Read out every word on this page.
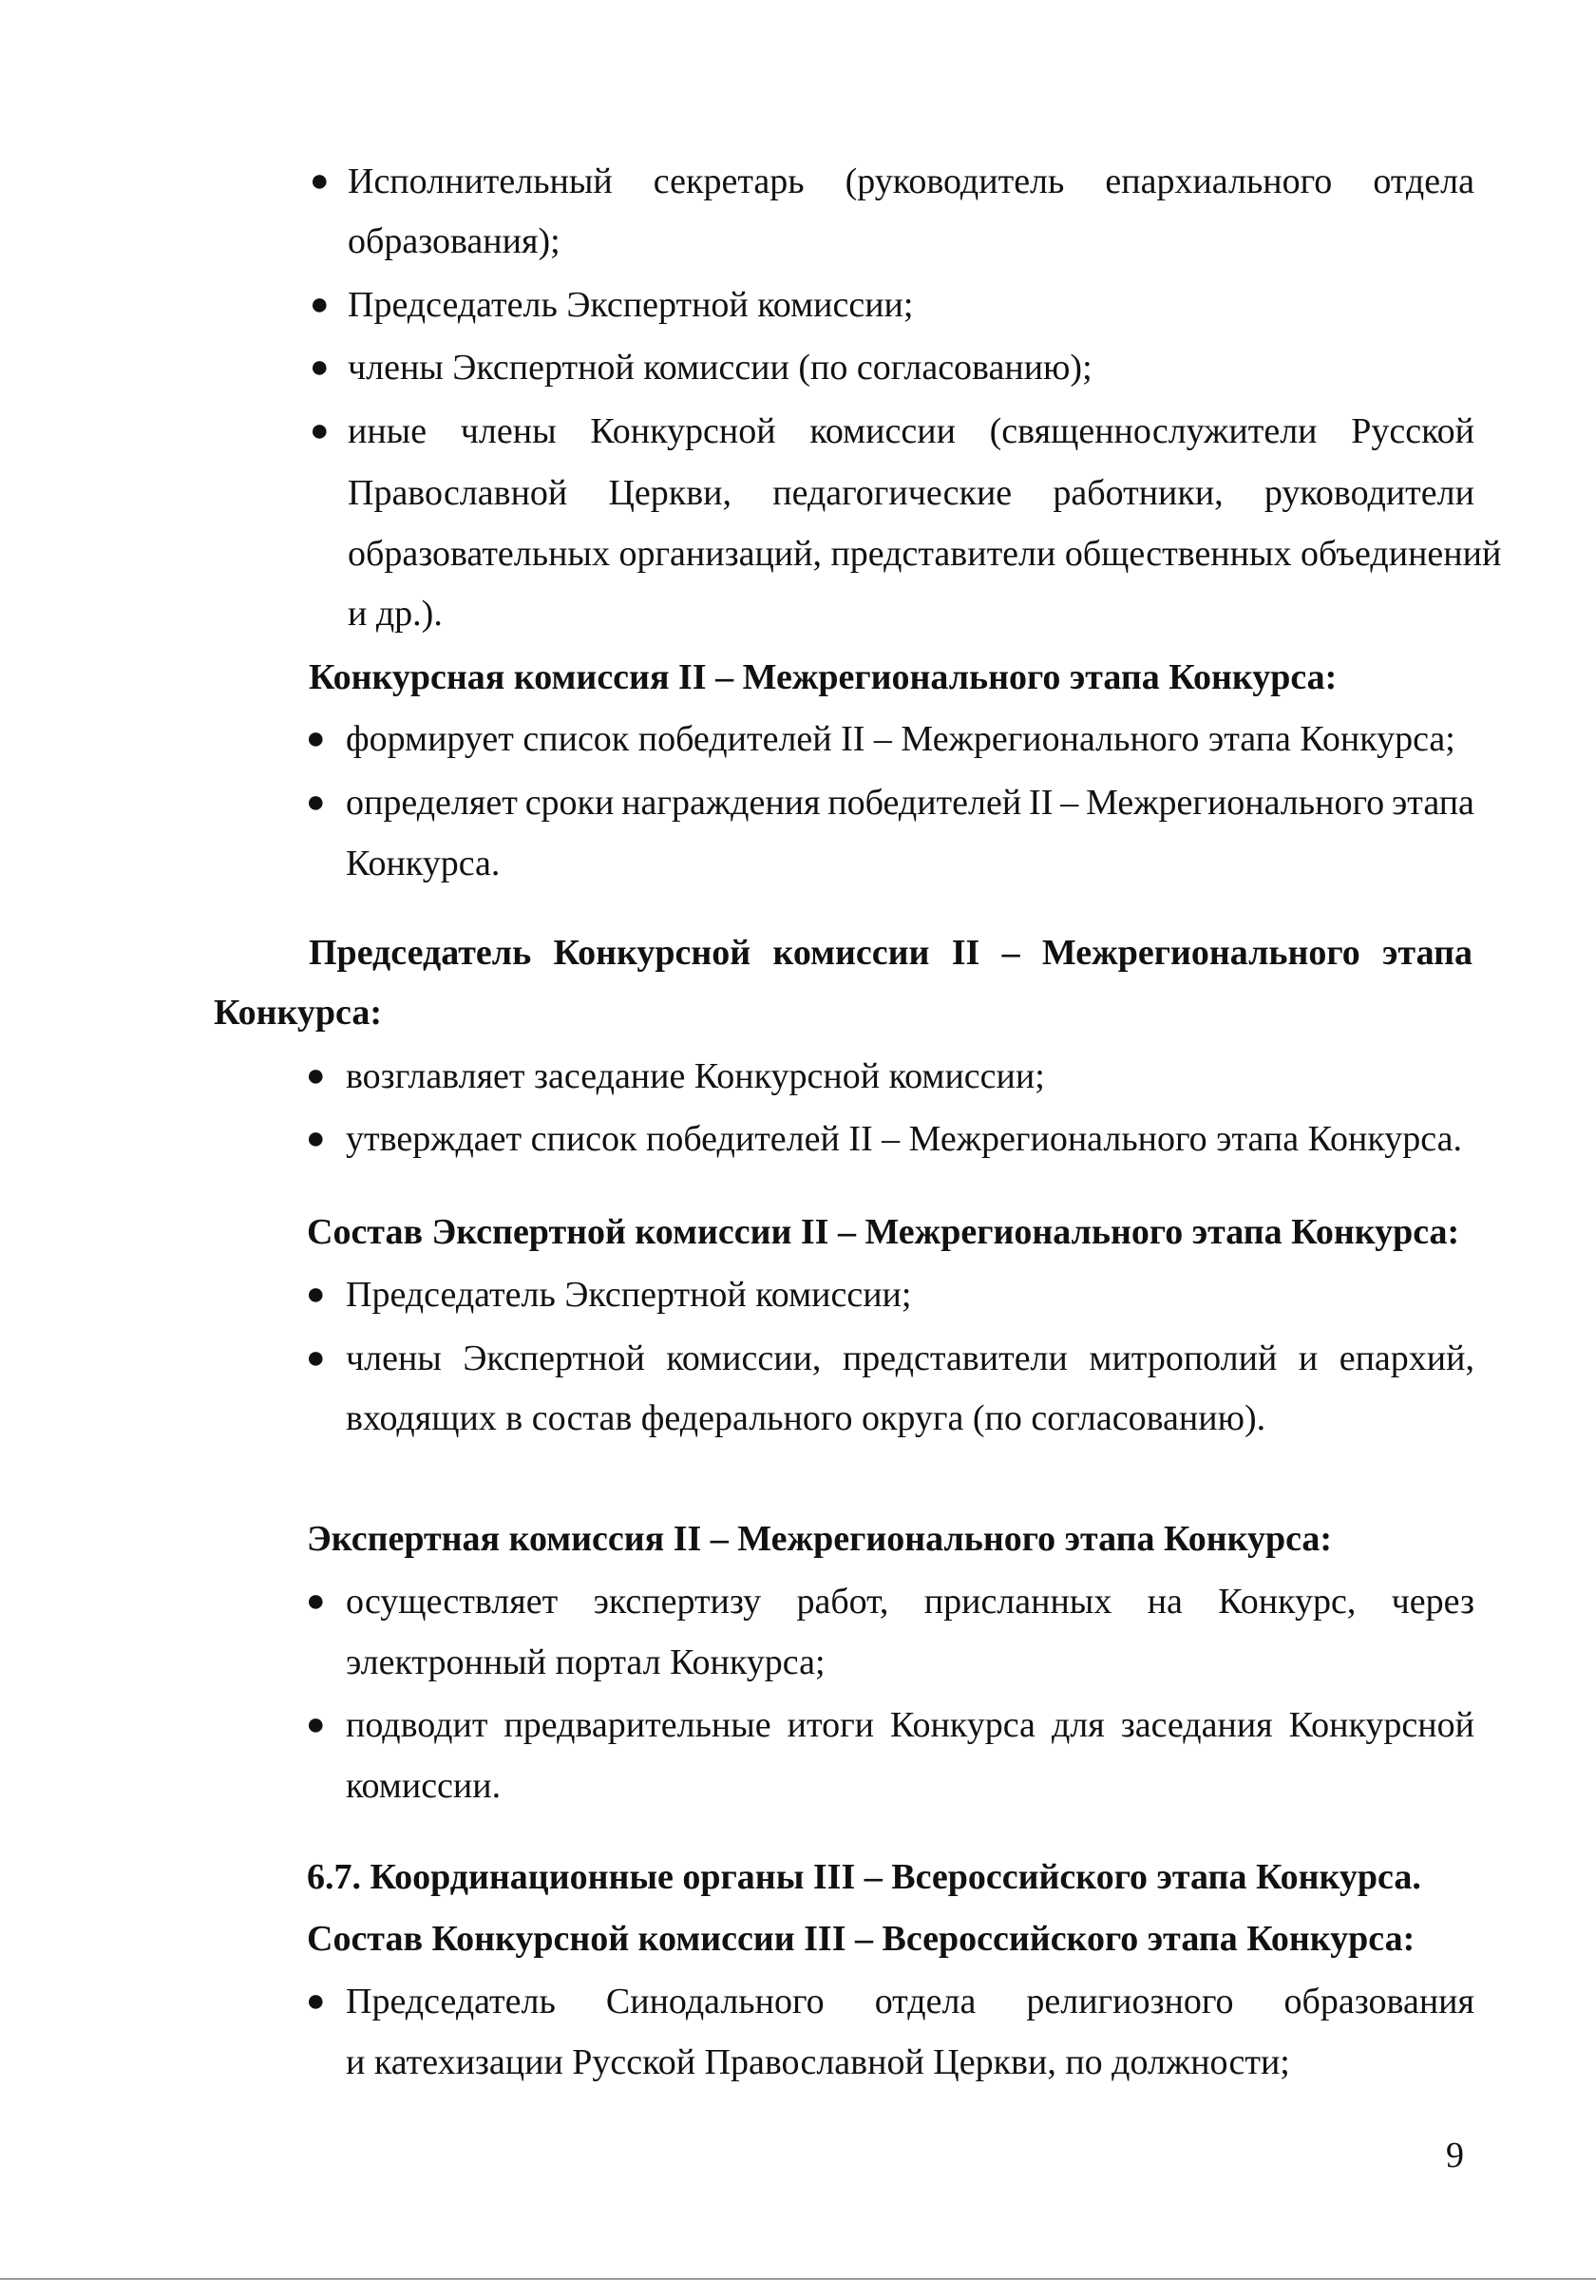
● Исполнительный секретарь (руководитель епархиального отдела
образования);
● Председатель Экспертной комиссии;
● члены Экспертной комиссии (по согласованию);
● иные члены Конкурсной комиссии (священнослужители Русской
Православной Церкви, педагогические работники, руководители
образовательных организаций, представители общественных объединений
и др.).
Конкурсная комиссия II – Межрегионального этапа Конкурса:
● формирует список победителей II – Межрегионального этапа Конкурса;
● определяет сроки награждения победителей II – Межрегионального этапа
Конкурса.
Председатель Конкурсной комиссии II – Межрегионального этапа
Конкурса:
● возглавляет заседание Конкурсной комиссии;
● утверждает список победителей II – Межрегионального этапа Конкурса.
Состав Экспертной комиссии II – Межрегионального этапа Конкурса:
● Председатель Экспертной комиссии;
● члены Экспертной комиссии, представители митрополий и епархий,
входящих в состав федерального округа (по согласованию).
Экспертная комиссия II – Межрегионального этапа Конкурса:
● осуществляет экспертизу работ, присланных на Конкурс, через
электронный портал Конкурса;
● подводит предварительные итоги Конкурса для заседания Конкурсной
комиссии.
6.7. Координационные органы III – Всероссийского этапа Конкурса.
Состав Конкурсной комиссии III – Всероссийского этапа Конкурса:
● Председатель Синодального отдела религиозного образования
и катехизации Русской Православной Церкви, по должности;
9
